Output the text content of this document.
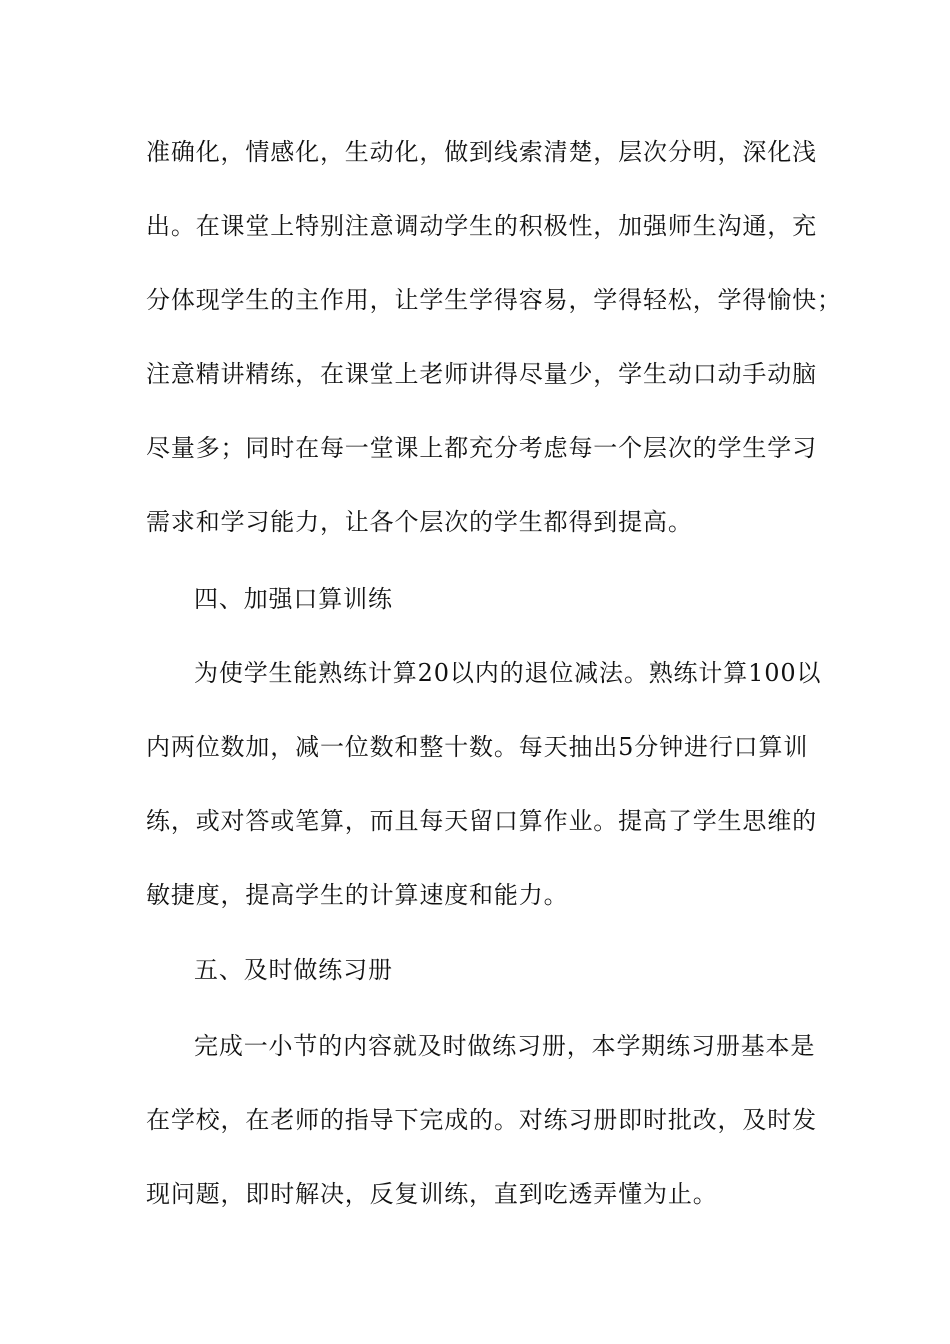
准确化，情感化，生动化，做到线索清楚，层次分明，深化浅
出。在课堂上特别注意调动学生的积极性，加强师生沟通，充
分体现学生的主作用，让学生学得容易，学得轻松，学得愉快；
注意精讲精练，在课堂上老师讲得尽量少，学生动口动手动脑
尽量多；同时在每一堂课上都充分考虑每一个层次的学生学习
需求和学习能力，让各个层次的学生都得到提高。
四、加强口算训练
为使学生能熟练计算20以内的退位减法。熟练计算100以
内两位数加，减一位数和整十数。每天抽出5分钟进行口算训
练，或对答或笔算，而且每天留口算作业。提高了学生思维的
敏捷度，提高学生的计算速度和能力。
五、及时做练习册
完成一小节的内容就及时做练习册，本学期练习册基本是
在学校，在老师的指导下完成的。对练习册即时批改，及时发
现问题，即时解决，反复训练，直到吃透弄懂为止。
